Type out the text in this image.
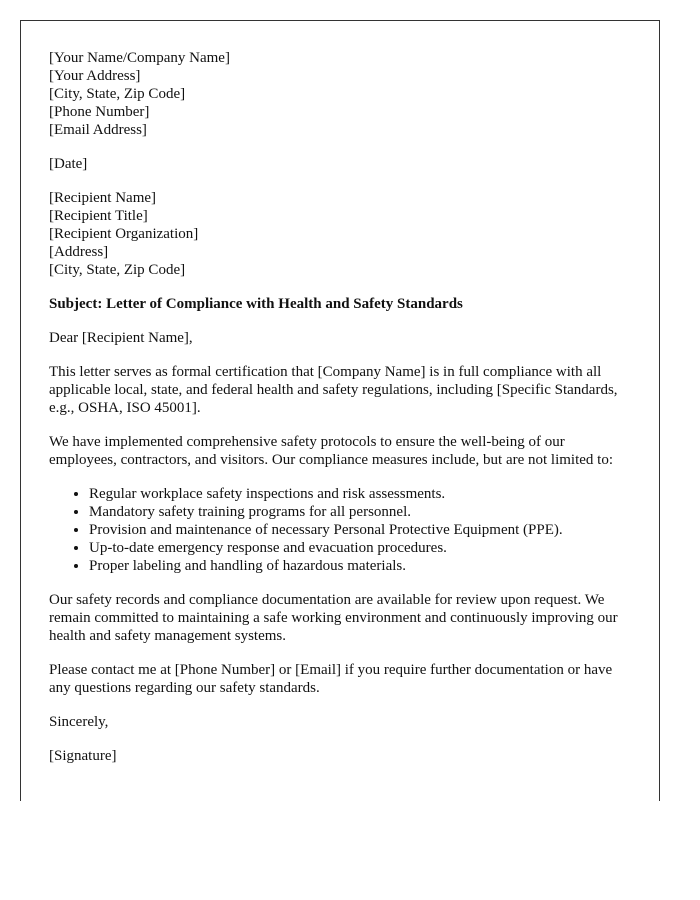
[Your Name/Company Name]
[Your Address]
[City, State, Zip Code]
[Phone Number]
[Email Address]

[Date]

[Recipient Name]
[Recipient Title]
[Recipient Organization]
[Address]
[City, State, Zip Code]

Subject: Letter of Compliance with Health and Safety Standards

Dear [Recipient Name],

This letter serves as formal certification that [Company Name] is in full compliance with all applicable local, state, and federal health and safety regulations, including [Specific Standards, e.g., OSHA, ISO 45001].

We have implemented comprehensive safety protocols to ensure the well-being of our employees, contractors, and visitors. Our compliance measures include, but are not limited to:

• Regular workplace safety inspections and risk assessments.
• Mandatory safety training programs for all personnel.
• Provision and maintenance of necessary Personal Protective Equipment (PPE).
• Up-to-date emergency response and evacuation procedures.
• Proper labeling and handling of hazardous materials.

Our safety records and compliance documentation are available for review upon request. We remain committed to maintaining a safe working environment and continuously improving our health and safety management systems.

Please contact me at [Phone Number] or [Email] if you require further documentation or have any questions regarding our safety standards.

Sincerely,

[Signature]
